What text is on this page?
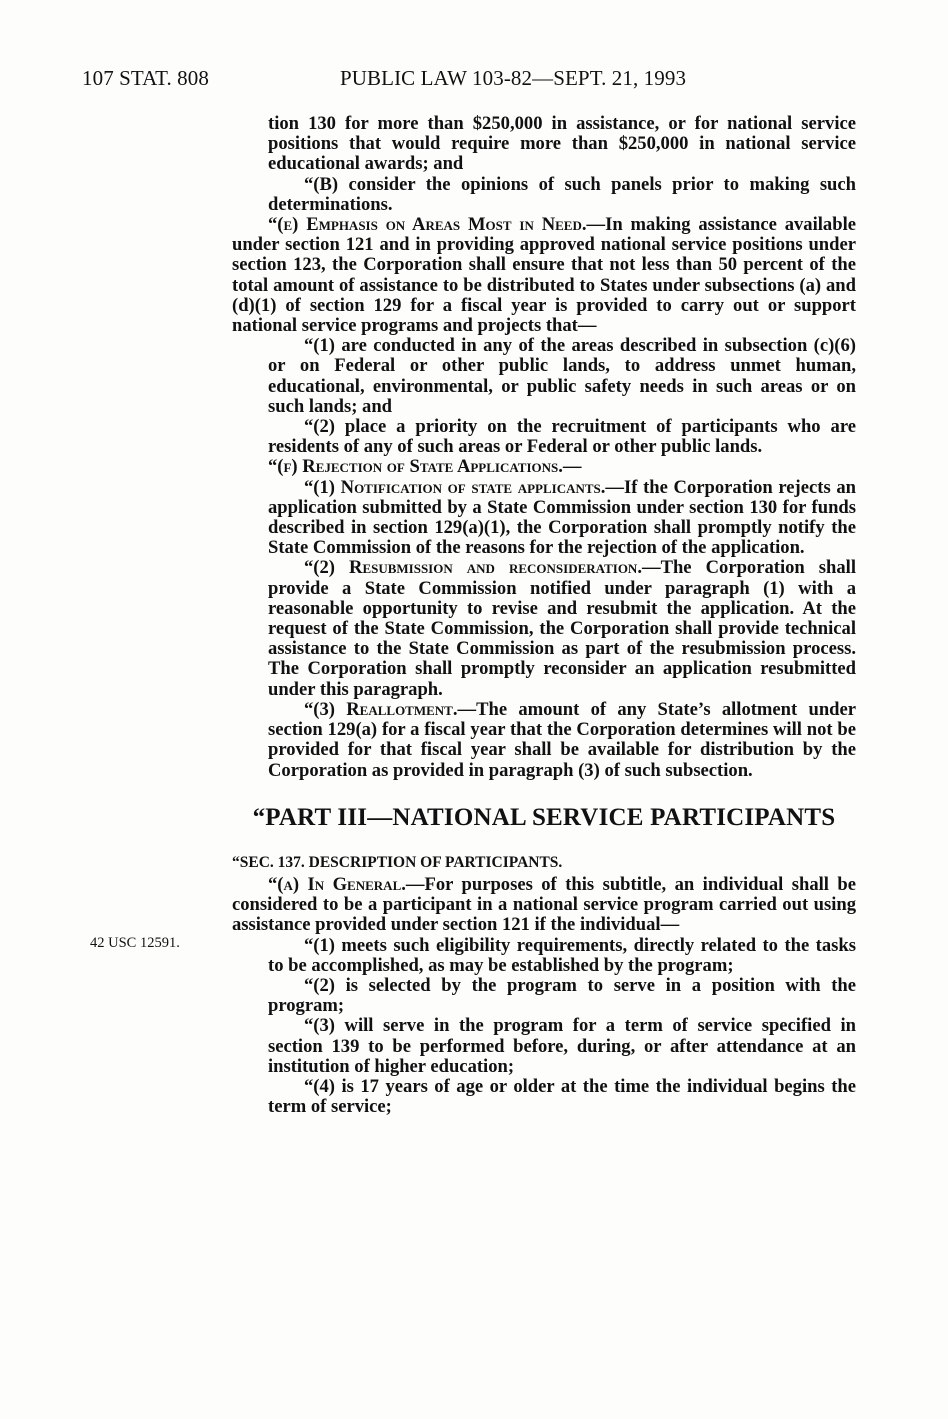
107 STAT. 808	PUBLIC LAW 103-82—SEPT. 21, 1993
42 USC 12591.

tion 130 for more than $250,000 in assistance, or for national service positions that would require more than $250,000 in national service educational awards; and

“(B) consider the opinions of such panels prior to making such determinations.

“(e) Emphasis on Areas Most in Need.—In making assistance available under section 121 and in providing approved national service positions under section 123, the Corporation shall ensure that not less than 50 percent of the total amount of assistance to be distributed to States under subsections (a) and (d)(1) of section 129 for a fiscal year is provided to carry out or support national service programs and projects that—

“(1) are conducted in any of the areas described in subsection (c)(6) or on Federal or other public lands, to address unmet human, educational, environmental, or public safety needs in such areas or on such lands; and

“(2) place a priority on the recruitment of participants who are residents of any of such areas or Federal or other public lands.

“(f) Rejection of State Applications.—

“(1) Notification of state applicants.—If the Corporation rejects an application submitted by a State Commission under section 130 for funds described in section 129(a)(1), the Corporation shall promptly notify the State Commission of the reasons for the rejection of the application.

“(2) Resubmission and reconsideration.—The Corporation shall provide a State Commission notified under paragraph (1) with a reasonable opportunity to revise and resubmit the application. At the request of the State Commission, the Corporation shall provide technical assistance to the State Commission as part of the resubmission process. The Corporation shall promptly reconsider an application resubmitted under this paragraph.

“(3) Reallotment.—The amount of any State’s allotment under section 129(a) for a fiscal year that the Corporation determines will not be provided for that fiscal year shall be available for distribution by the Corporation as provided in paragraph (3) of such subsection.

“PART III—NATIONAL SERVICE PARTICIPANTS

“SEC. 137. DESCRIPTION OF PARTICIPANTS.

“(a) In General.—For purposes of this subtitle, an individual shall be considered to be a participant in a national service program carried out using assistance provided under section 121 if the individual—

“(1) meets such eligibility requirements, directly related to the tasks to be accomplished, as may be established by the program;

“(2) is selected by the program to serve in a position with the program;

“(3) will serve in the program for a term of service specified in section 139 to be performed before, during, or after attendance at an institution of higher education;

“(4) is 17 years of age or older at the time the individual begins the term of service;
